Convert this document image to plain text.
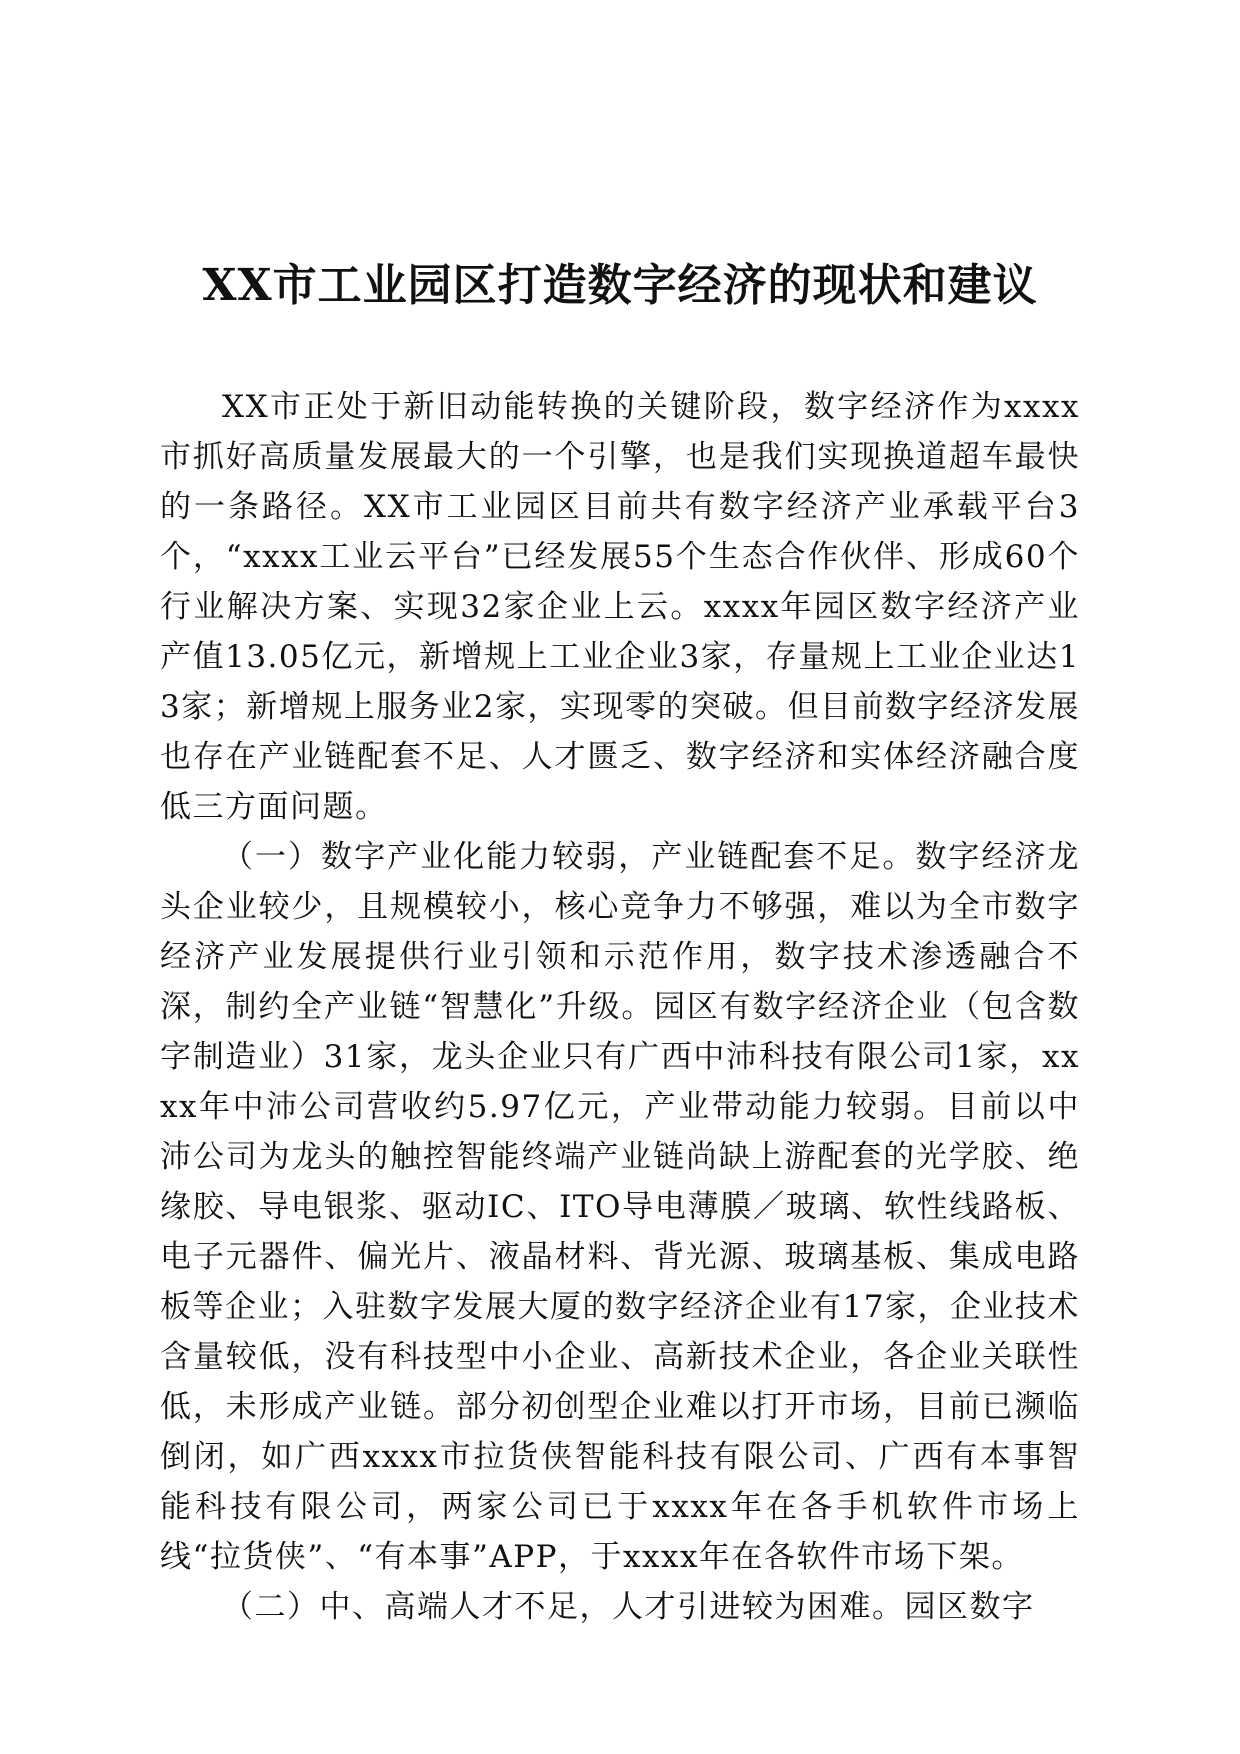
XX市工业园区打造数字经济的现状和建议

XX市正处于新旧动能转换的关键阶段，数字经济作为xxxx市抓好高质量发展最大的一个引擎，也是我们实现换道超车最快的一条路径。XX市工业园区目前共有数字经济产业承载平台3个，“xxxx工业云平台”已经发展55个生态合作伙伴、形成60个行业解决方案、实现32家企业上云。xxxx年园区数字经济产业产值13.05亿元，新增规上工业企业3家，存量规上工业企业达13家；新增规上服务业2家，实现零的突破。但目前数字经济发展也存在产业链配套不足、人才匮乏、数字经济和实体经济融合度低三方面问题。

（一）数字产业化能力较弱，产业链配套不足。数字经济龙头企业较少，且规模较小，核心竞争力不够强，难以为全市数字经济产业发展提供行业引领和示范作用，数字技术渗透融合不深，制约全产业链“智慧化”升级。园区有数字经济企业（包含数字制造业）31家，龙头企业只有广西中沛科技有限公司1家，xxxx年中沛公司营收约5.97亿元，产业带动能力较弱。目前以中沛公司为龙头的触控智能终端产业链尚缺上游配套的光学胶、绝缘胶、导电银浆、驱动IC、ITO导电薄膜／玻璃、软性线路板、电子元器件、偏光片、液晶材料、背光源、玻璃基板、集成电路板等企业；入驻数字发展大厦的数字经济企业有17家，企业技术含量较低，没有科技型中小企业、高新技术企业，各企业关联性低，未形成产业链。部分初创型企业难以打开市场，目前已濒临倒闭，如广西xxxx市拉货侠智能科技有限公司、广西有本事智能科技有限公司，两家公司已于xxxx年在各手机软件市场上线“拉货侠”、“有本事”APP，于xxxx年在各软件市场下架。

（二）中、高端人才不足，人才引进较为困难。园区数字
